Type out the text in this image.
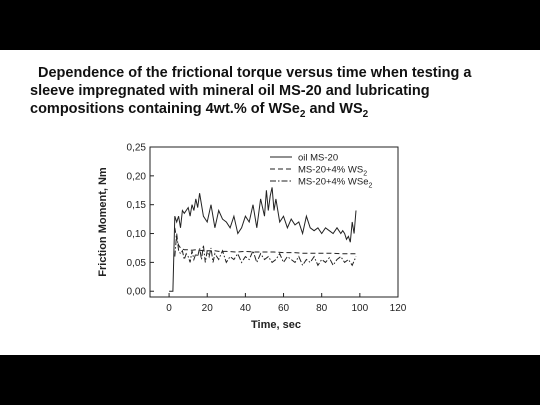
Dependence of the frictional torque versus time when testing a
sleeve impregnated with mineral oil MS-20 and lubricating
compositions containing 4wt.% of WSe$_2$ and $WS_2$

0	20	40	60	80 100 120
0,00
0,05
0,10
0,15
0,20
0,25
oil MS-20
MS-20+4% $WS_2$
MS-20+4% WSe$_2$
Time, sec
Friction Moment, Nm
